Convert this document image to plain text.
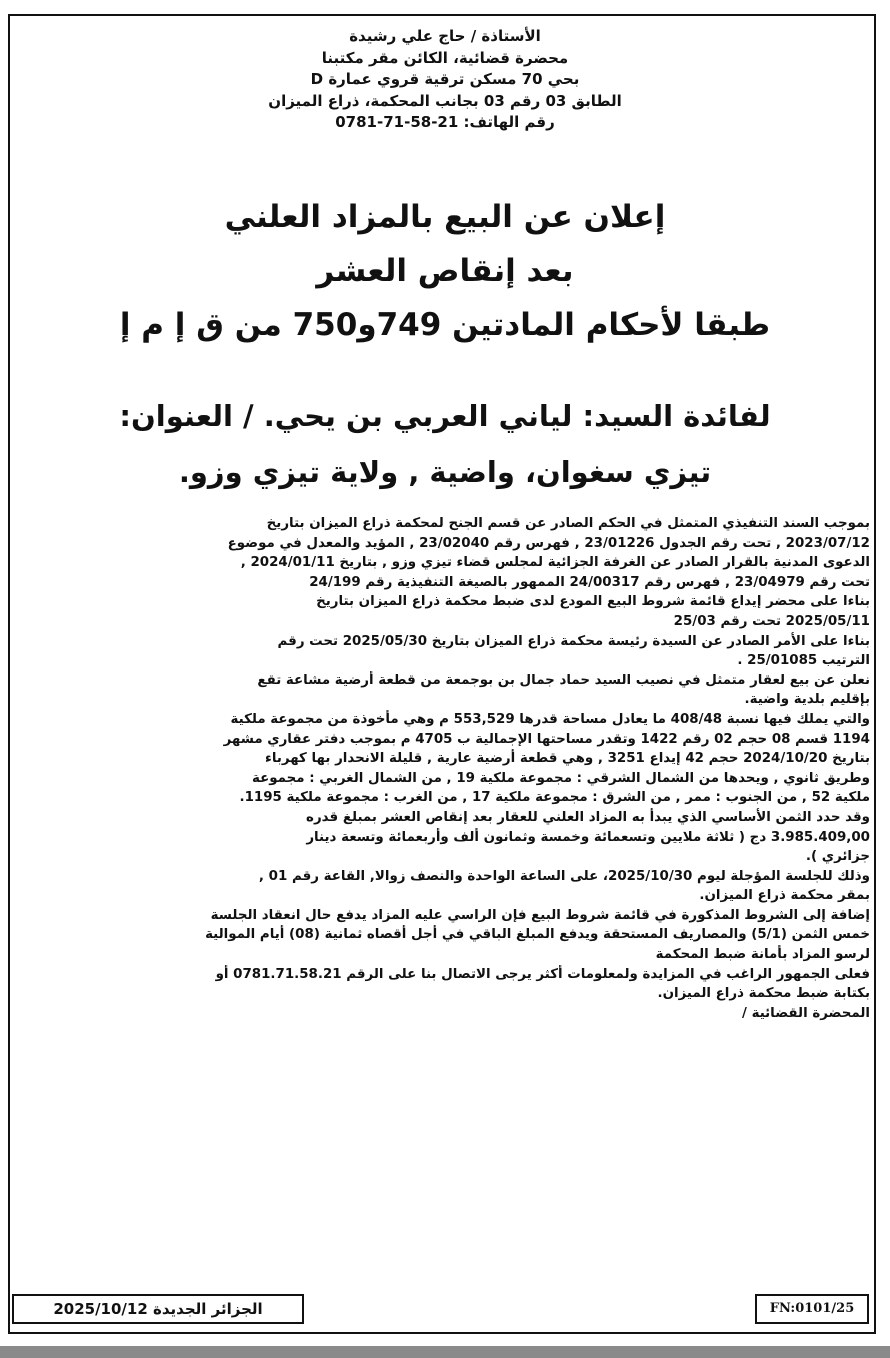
الأستاذة / حاج علي رشيدة
محضرة قضائية، الكائن مقر مكتبنا
بحي 70 مسكن ترقية قروي عمارة D
الطابق 03 رقم 03 بجانب المحكمة، ذراع الميزان
رقم الهاتف: 21-58-71-0781
إعلان عن البيع بالمزاد العلني
بعد إنقاص العشر
طبقا لأحكام المادتين 749و750 من ق إ م إ
لفائدة السيد: لياني العربي بن يحي. / العنوان:
تيزي سغوان، واضية , ولاية تيزي وزو.
بموجب السند التنفيذي المتمثل في الحكم الصادر عن قسم الجنح لمحكمة ذراع الميزان بتاريخ
2023/07/12 , تحت رقم الجدول 23/01226 , فهرس رقم 23/02040 , المؤيد والمعدل في موضوع
الدعوى المدنية بالقرار الصادر عن الغرفة الجزائية لمجلس قضاء تيزي وزو , بتاريخ 2024/01/11 ,
تحت رقم 23/04979 , فهرس رقم 24/00317 الممهور بالصيغة التنفيذية رقم 24/199
بناءا على محضر إيداع قائمة شروط البيع المودع لدى ضبط محكمة ذراع الميزان بتاريخ
2025/05/11 تحت رقم 25/03
بناءا على الأمر الصادر عن السيدة رئيسة محكمة ذراع الميزان بتاريخ 2025/05/30 تحت رقم
الترتيب 25/01085 .
نعلن عن بيع لعقار متمثل في نصيب السيد حماد جمال بن بوجمعة من قطعة أرضية مشاعة تقع
بإقليم بلدية واضية.
والتي يملك فيها نسبة 408/48 ما يعادل مساحة قدرها 553,529 م وهي مأخوذة من مجموعة ملكية
1194 قسم 08 حجم 02 رقم 1422 وتقدر مساحتها الإجمالية ب 4705 م بموجب دفتر عقاري مشهر
بتاريخ 2024/10/20 حجم 42 إيداع 3251 , وهي قطعة أرضية عارية , قليلة الانحدار بها كهرباء
وطريق ثانوي , ويحدها من الشمال الشرقي : مجموعة ملكية 19 , من الشمال الغربي : مجموعة
ملكية 52 , من الجنوب : ممر , من الشرق : مجموعة ملكية 17 , من الغرب : مجموعة ملكية 1195.
وقد حدد الثمن الأساسي الذي يبدأ به المزاد العلني للعقار بعد إنقاص العشر بمبلغ قدره
3.985.409,00 دج ( ثلاثة ملايين وتسعمائة وخمسة وثمانون ألف وأربعمائة وتسعة دينار
جزائري ).
وذلك للجلسة المؤجلة ليوم 2025/10/30، على الساعة الواحدة والنصف زوالا, القاعة رقم 01 ,
بمقر محكمة ذراع الميزان.
إضافة إلى الشروط المذكورة في قائمة شروط البيع فإن الراسي عليه المزاد يدفع حال انعقاد الجلسة
خمس الثمن (5/1) والمصاريف المستحقة ويدفع المبلغ الباقي في أجل أقصاه ثمانية (08) أيام الموالية
لرسو المزاد بأمانة ضبط المحكمة
فعلى الجمهور الراغب في المزايدة ولمعلومات أكثر يرجى الاتصال بنا على الرقم 0781.71.58.21 أو
بكتابة ضبط محكمة ذراع الميزان.
المحضرة القضائية /
الجزائر الجديدة 2025/10/12	FN:0101/25
